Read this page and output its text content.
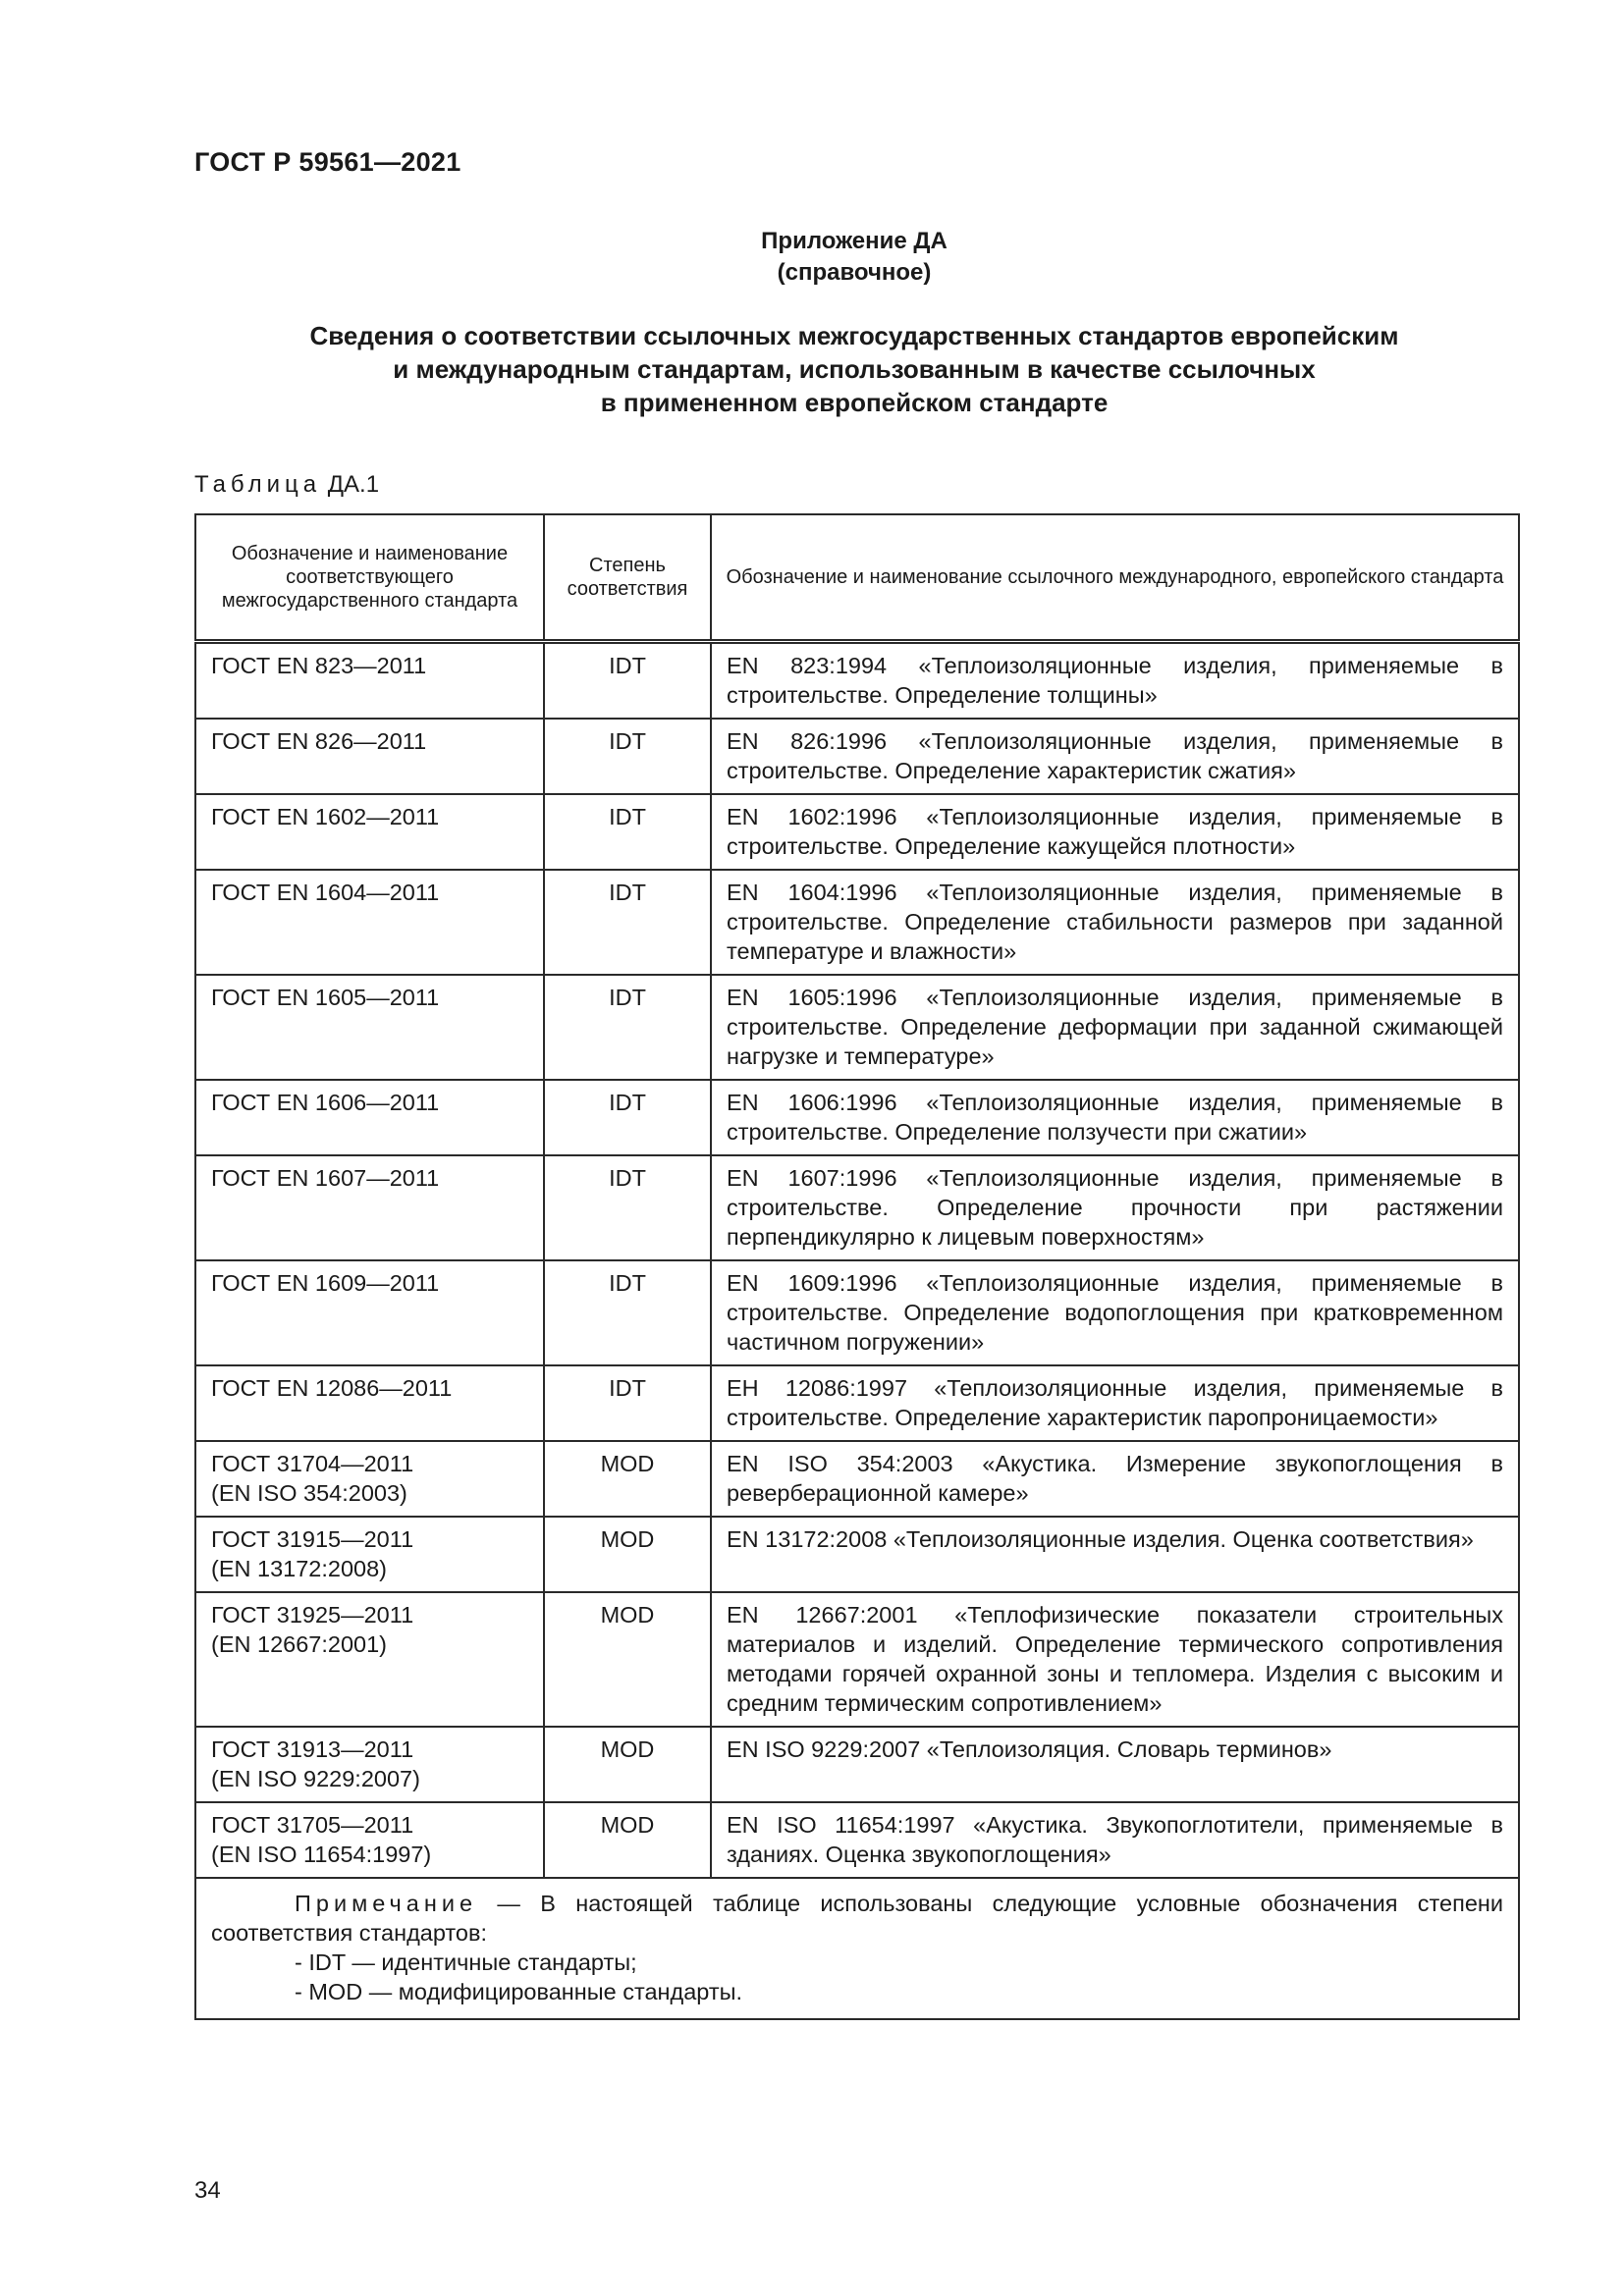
ГОСТ Р 59561—2021
Приложение ДА
(справочное)
Сведения о соответствии ссылочных межгосударственных стандартов европейским
и международным стандартам, использованным в качестве ссылочных
в примененном европейском стандарте
Таблица ДА.1
Обозначение и наименование соответствующего межгосударственного стандарта	Степень соответствия	Обозначение и наименование ссылочного международного, европейского стандарта

ГОСТ EN 823—2011	IDT	EN 823:1994 «Теплоизоляционные изделия, применяемые в строительстве. Определение толщины»

ГОСТ EN 826—2011	IDT	EN 826:1996 «Теплоизоляционные изделия, применяемые в строительстве. Определение характеристик сжатия»

ГОСТ EN 1602—2011	IDT	EN 1602:1996 «Теплоизоляционные изделия, применяемые в строительстве. Определение кажущейся плотности»

ГОСТ EN 1604—2011	IDT	EN 1604:1996 «Теплоизоляционные изделия, применяемые в строительстве. Определение стабильности размеров при заданной температуре и влажности»

ГОСТ EN 1605—2011	IDT	EN 1605:1996 «Теплоизоляционные изделия, применяемые в строительстве. Определение деформации при заданной сжимающей нагрузке и температуре»

ГОСТ EN 1606—2011	IDT	EN 1606:1996 «Теплоизоляционные изделия, применяемые в строительстве. Определение ползучести при сжатии»

ГОСТ EN 1607—2011	IDT	EN 1607:1996 «Теплоизоляционные изделия, применяемые в строительстве. Определение прочности при растяжении перпендикулярно к лицевым поверхностям»

ГОСТ EN 1609—2011	IDT	EN 1609:1996 «Теплоизоляционные изделия, применяемые в строительстве. Определение водопоглощения при кратковременном частичном погружении»

ГОСТ EN 12086—2011	IDT	EH 12086:1997 «Теплоизоляционные изделия, применяемые в строительстве. Определение характеристик паропроницаемости»

ГОСТ 31704—2011
(EN ISO 354:2003)	MOD	EN ISO 354:2003 «Акустика. Измерение звукопоглощения в реверберационной камере»

ГОСТ 31915—2011
(EN 13172:2008)	MOD	EN 13172:2008 «Теплоизоляционные изделия. Оценка соответствия»

ГОСТ 31925—2011
(EN 12667:2001)	MOD	EN 12667:2001 «Теплофизические показатели строительных материалов и изделий. Определение термического сопротивления методами горячей охранной зоны и тепломера. Изделия с высоким и средним термическим сопротивлением»

ГОСТ 31913—2011
(EN ISO 9229:2007)	MOD	EN ISO 9229:2007 «Теплоизоляция. Словарь терминов»

ГОСТ 31705—2011
(EN ISO 11654:1997)	MOD	EN ISO 11654:1997 «Акустика. Звукопоглотители, применяемые в зданиях. Оценка звукопоглощения»

Примечание — В настоящей таблице использованы следующие условные обозначения степени соответствия стандартов:
- IDT — идентичные стандарты;
- MOD — модифицированные стандарты.		
34
